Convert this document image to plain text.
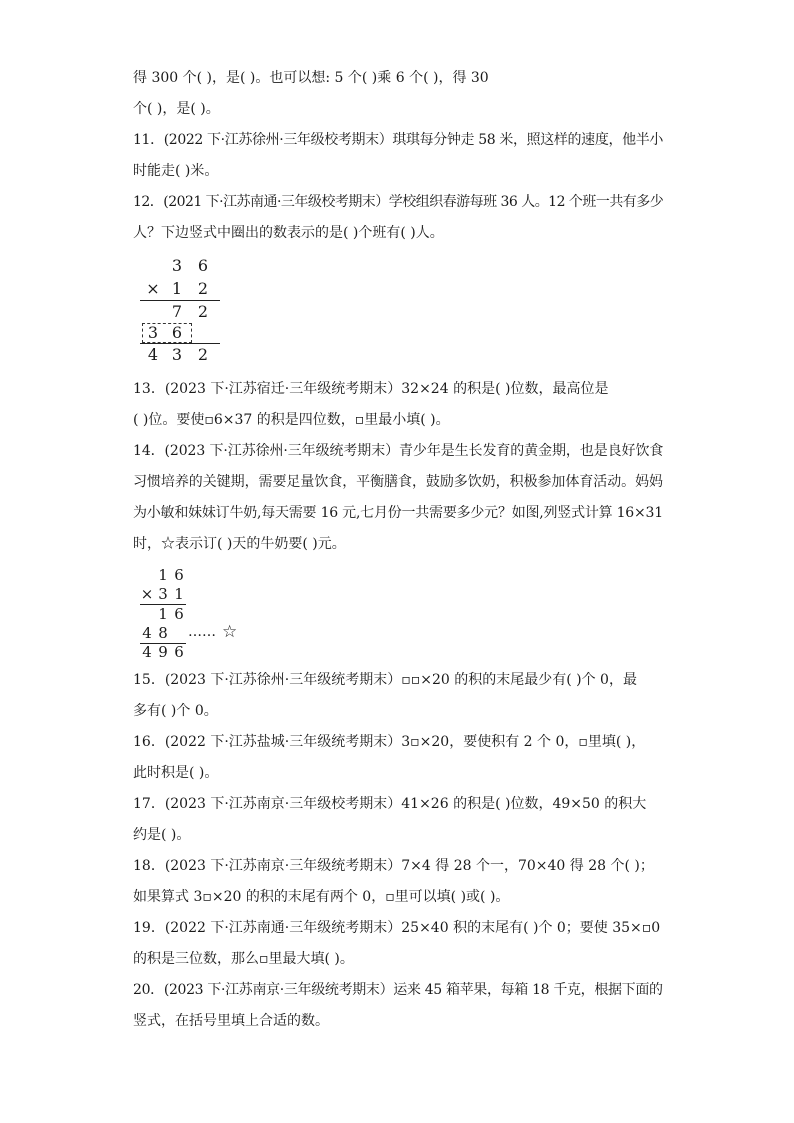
得 300 个( )，是( )。也可以想: 5 个( )乘 6 个( )，得 30
个( )，是( )。
11．(2022 下·江苏徐州·三年级校考期末）琪琪每分钟走 58 米，照这样的速度，他半小
时能走( )米。
12．(2021 下·江苏南通·三年级校考期末）学校组织春游每班 36 人。12 个班一共有多少
人？下边竖式中圈出的数表示的是( )个班有( )人。
3 6
× 1 2
7 2
3 6
4 3 2
13．(2023 下·江苏宿迁·三年级统考期末）32×24 的积是( )位数，最高位是
( )位。要使▫6×37 的积是四位数，▫里最小填( )。
14．(2023 下·江苏徐州·三年级统考期末）青少年是生长发育的黄金期，也是良好饮食
习惯培养的关键期，需要足量饮食，平衡膳食，鼓励多饮奶，积极参加体育活动。妈妈
为小敏和妹妹订牛奶,每天需要 16 元,七月份一共需要多少元？如图,列竖式计算 16×31
时，☆表示订( )天的牛奶要( )元。
1 6
× 3 1
1 6
4 8 …… ☆
4 9 6
15．(2023 下·江苏徐州·三年级统考期末）▫▫×20 的积的末尾最少有( )个 0，最
多有( )个 0。
16．(2022 下·江苏盐城·三年级统考期末）3▫×20，要使积有 2 个 0，▫里填( )，
此时积是( )。
17．(2023 下·江苏南京·三年级校考期末）41×26 的积是( )位数，49×50 的积大
约是( )。
18．(2023 下·江苏南京·三年级统考期末）7×4 得 28 个一，70×40 得 28 个( )；
如果算式 3▫×20 的积的末尾有两个 0，▫里可以填( )或( )。
19．(2022 下·江苏南通·三年级统考期末）25×40 积的末尾有( )个 0；要使 35×▫0
的积是三位数，那么▫里最大填( )。
20．(2023 下·江苏南京·三年级统考期末）运来 45 箱苹果，每箱 18 千克，根据下面的
竖式，在括号里填上合适的数。
